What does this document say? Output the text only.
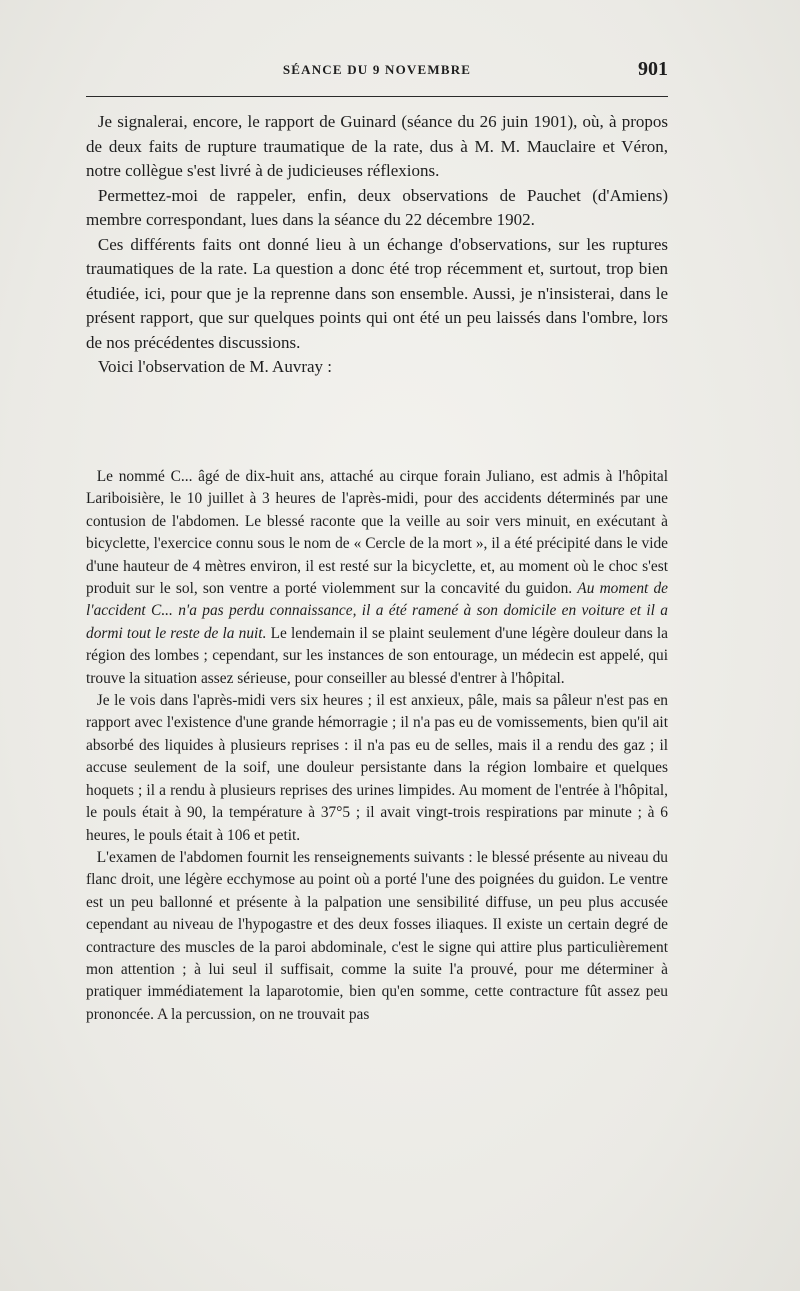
SÉANCE DU 9 NOVEMBRE	901

Je signalerai, encore, le rapport de Guinard (séance du 26 juin 1901), où, à propos de deux faits de rupture traumatique de la rate, dus à M. M. Mauclaire et Véron, notre collègue s'est livré à de judicieuses réflexions.

Permettez-moi de rappeler, enfin, deux observations de Pauchet (d'Amiens) membre correspondant, lues dans la séance du 22 décembre 1902.

Ces différents faits ont donné lieu à un échange d'observations, sur les ruptures traumatiques de la rate. La question a donc été trop récemment et, surtout, trop bien étudiée, ici, pour que je la reprenne dans son ensemble. Aussi, je n'insisterai, dans le présent rapport, que sur quelques points qui ont été un peu laissés dans l'ombre, lors de nos précédentes discussions.

Voici l'observation de M. Auvray :

Le nommé C... âgé de dix-huit ans, attaché au cirque forain Juliano, est admis à l'hôpital Lariboisière, le 10 juillet à 3 heures de l'après-midi, pour des accidents déterminés par une contusion de l'abdomen. Le blessé raconte que la veille au soir vers minuit, en exécutant à bicyclette, l'exercice connu sous le nom de « Cercle de la mort », il a été précipité dans le vide d'une hauteur de 4 mètres environ, il est resté sur la bicyclette, et, au moment où le choc s'est produit sur le sol, son ventre a porté violemment sur la concavité du guidon. Au moment de l'accident C... n'a pas perdu connaissance, il a été ramené à son domicile en voiture et il a dormi tout le reste de la nuit. Le lendemain il se plaint seulement d'une légère douleur dans la région des lombes ; cependant, sur les instances de son entourage, un médecin est appelé, qui trouve la situation assez sérieuse, pour conseiller au blessé d'entrer à l'hôpital.

Je le vois dans l'après-midi vers six heures ; il est anxieux, pâle, mais sa pâleur n'est pas en rapport avec l'existence d'une grande hémorragie ; il n'a pas eu de vomissements, bien qu'il ait absorbé des liquides à plusieurs reprises : il n'a pas eu de selles, mais il a rendu des gaz ; il accuse seulement de la soif, une douleur persistante dans la région lombaire et quelques hoquets ; il a rendu à plusieurs reprises des urines limpides. Au moment de l'entrée à l'hôpital, le pouls était à 90, la température à 37°5 ; il avait vingt-trois respirations par minute ; à 6 heures, le pouls était à 106 et petit.

L'examen de l'abdomen fournit les renseignements suivants : le blessé présente au niveau du flanc droit, une légère ecchymose au point où a porté l'une des poignées du guidon. Le ventre est un peu ballonné et présente à la palpation une sensibilité diffuse, un peu plus accusée cependant au niveau de l'hypogastre et des deux fosses iliaques. Il existe un certain degré de contracture des muscles de la paroi abdominale, c'est le signe qui attire plus particulièrement mon attention ; à lui seul il suffisait, comme la suite l'a prouvé, pour me déterminer à pratiquer immédiatement la laparotomie, bien qu'en somme, cette contracture fût assez peu prononcée. A la percussion, on ne trouvait pas
